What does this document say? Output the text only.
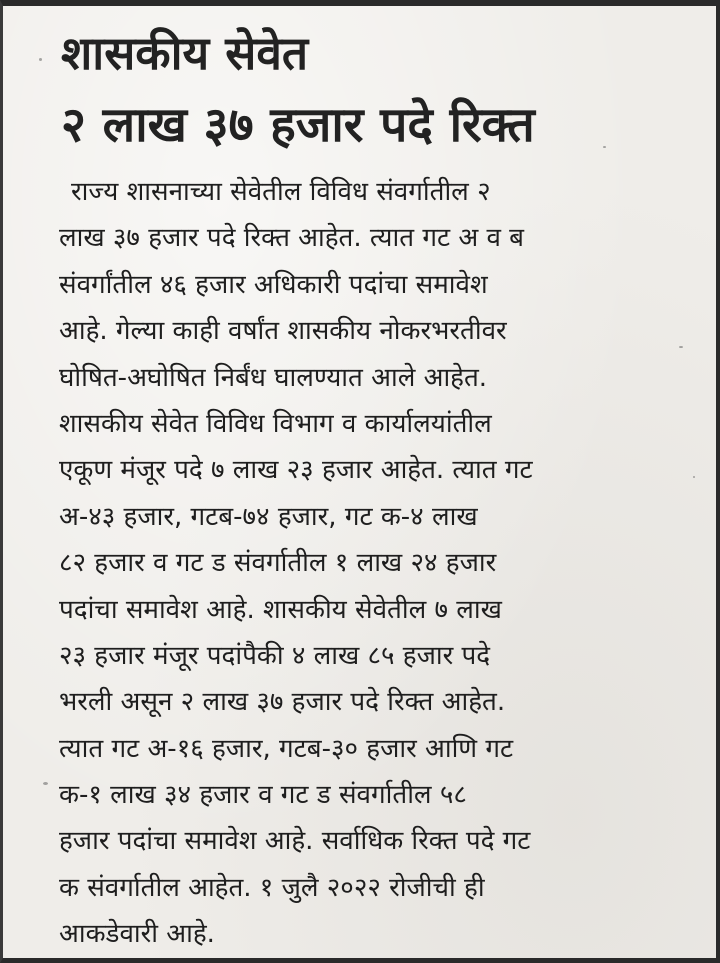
शासकीय सेवेत
२ लाख ३७ हजार पदे रिक्त
राज्य शासनाच्या सेवेतील विविध संवर्गातील २
लाख ३७ हजार पदे रिक्त आहेत. त्यात गट अ व ब
संवर्गांतील ४६ हजार अधिकारी पदांचा समावेश
आहे. गेल्या काही वर्षांत शासकीय नोकरभरतीवर
घोषित-अघोषित निर्बंध घालण्यात आले आहेत.
शासकीय सेवेत विविध विभाग व कार्यालयांतील
एकूण मंजूर पदे ७ लाख २३ हजार आहेत. त्यात गट
अ-४३ हजार, गटब-७४ हजार, गट क-४ लाख
८२ हजार व गट ड संवर्गातील १ लाख २४ हजार
पदांचा समावेश आहे. शासकीय सेवेतील ७ लाख
२३ हजार मंजूर पदांपैकी ४ लाख ८५ हजार पदे
भरली असून २ लाख ३७ हजार पदे रिक्त आहेत.
त्यात गट अ-१६ हजार, गटब-३० हजार आणि गट
क-१ लाख ३४ हजार व गट ड संवर्गातील ५८
हजार पदांचा समावेश आहे. सर्वाधिक रिक्त पदे गट
क संवर्गातील आहेत. १ जुलै २०२२ रोजीची ही
आकडेवारी आहे.
